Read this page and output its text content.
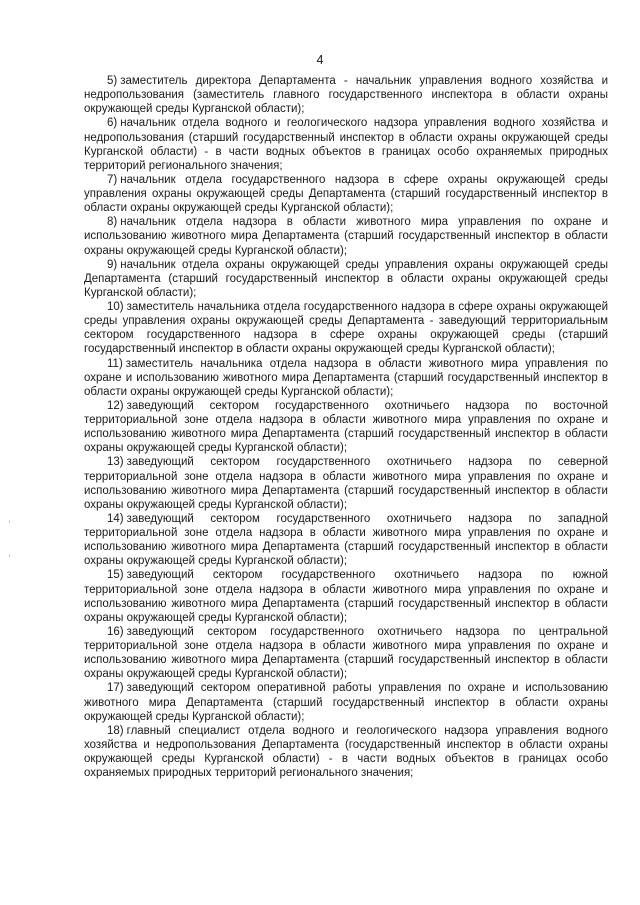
4

5) заместитель директора Департамента - начальник управления водного хозяйства и недропользования (заместитель главного государственного инспектора в области охраны окружающей среды Курганской области);

6) начальник отдела водного и геологического надзора управления водного хозяйства и недропользования (старший государственный инспектор в области охраны окружающей среды Курганской области) - в части водных объектов в границах особо охраняемых природных территорий регионального значения;

7) начальник отдела государственного надзора в сфере охраны окружающей среды управления охраны окружающей среды Департамента (старший государственный инспектор в области охраны окружающей среды Курганской области);

8) начальник отдела надзора в области животного мира управления по охране и использованию животного мира Департамента (старший государственный инспектор в области охраны окружающей среды Курганской области);

9) начальник отдела охраны окружающей среды управления охраны окружающей среды Департамента (старший государственный инспектор в области охраны окружающей среды Курганской области);

10) заместитель начальника отдела государственного надзора в сфере охраны окружающей среды управления охраны окружающей среды Департамента - заведующий территориальным сектором государственного надзора в сфере охраны окружающей среды (старший государственный инспектор в области охраны окружающей среды Курганской области);

11) заместитель начальника отдела надзора в области животного мира управления по охране и использованию животного мира Департамента (старший государственный инспектор в области охраны окружающей среды Курганской области);

12) заведующий сектором государственного охотничьего надзора по восточной территориальной зоне отдела надзора в области животного мира управления по охране и использованию животного мира Департамента (старший государственный инспектор в области охраны окружающей среды Курганской области);

13) заведующий сектором государственного охотничьего надзора по северной территориальной зоне отдела надзора в области животного мира управления по охране и использованию животного мира Департамента (старший государственный инспектор в области охраны окружающей среды Курганской области);

14) заведующий сектором государственного охотничьего надзора по западной территориальной зоне отдела надзора в области животного мира управления по охране и использованию животного мира Департамента (старший государственный инспектор в области охраны окружающей среды Курганской области);

15) заведующий сектором государственного охотничьего надзора по южной территориальной зоне отдела надзора в области животного мира управления по охране и использованию животного мира Департамента (старший государственный инспектор в области охраны окружающей среды Курганской области);

16) заведующий сектором государственного охотничьего надзора по центральной территориальной зоне отдела надзора в области животного мира управления по охране и использованию животного мира Департамента (старший государственный инспектор в области охраны окружающей среды Курганской области);

17) заведующий сектором оперативной работы управления по охране и использованию животного мира Департамента (старший государственный инспектор в области охраны окружающей среды Курганской области);

18) главный специалист отдела водного и геологического надзора управления водного хозяйства и недропользования Департамента (государственный инспектор в области охраны окружающей среды Курганской области) - в части водных объектов в границах особо охраняемых природных территорий регионального значения;
